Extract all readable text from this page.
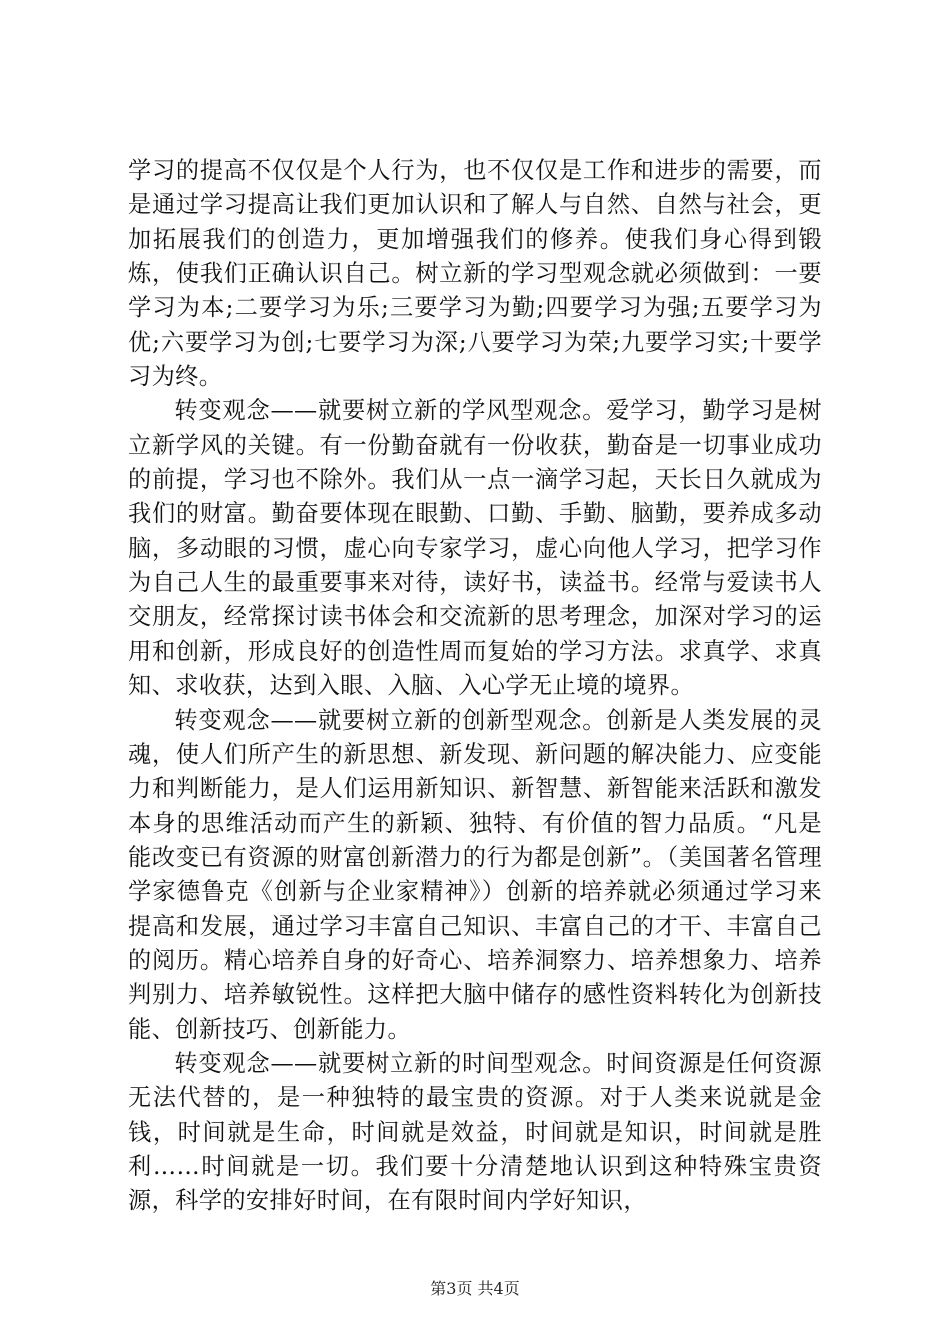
学习的提高不仅仅是个人行为，也不仅仅是工作和进步的需要，而是通过学习提高让我们更加认识和了解人与自然、自然与社会，更加拓展我们的创造力，更加增强我们的修养。使我们身心得到锻炼，使我们正确认识自己。树立新的学习型观念就必须做到：一要学习为本;二要学习为乐;三要学习为勤;四要学习为强;五要学习为优;六要学习为创;七要学习为深;八要学习为荣;九要学习实;十要学习为终。

转变观念——就要树立新的学风型观念。爱学习，勤学习是树立新学风的关键。有一份勤奋就有一份收获，勤奋是一切事业成功的前提，学习也不除外。我们从一点一滴学习起，天长日久就成为我们的财富。勤奋要体现在眼勤、口勤、手勤、脑勤，要养成多动脑，多动眼的习惯，虚心向专家学习，虚心向他人学习，把学习作为自己人生的最重要事来对待，读好书，读益书。经常与爱读书人交朋友，经常探讨读书体会和交流新的思考理念，加深对学习的运用和创新，形成良好的创造性周而复始的学习方法。求真学、求真知、求收获，达到入眼、入脑、入心学无止境的境界。

转变观念——就要树立新的创新型观念。创新是人类发展的灵魂，使人们所产生的新思想、新发现、新问题的解决能力、应变能力和判断能力，是人们运用新知识、新智慧、新智能来活跃和激发本身的思维活动而产生的新颖、独特、有价值的智力品质。“凡是能改变已有资源的财富创新潜力的行为都是创新”。（美国著名管理学家德鲁克《创新与企业家精神》）创新的培养就必须通过学习来提高和发展，通过学习丰富自己知识、丰富自己的才干、丰富自己的阅历。精心培养自身的好奇心、培养洞察力、培养想象力、培养判别力、培养敏锐性。这样把大脑中储存的感性资料转化为创新技能、创新技巧、创新能力。

转变观念——就要树立新的时间型观念。时间资源是任何资源无法代替的，是一种独特的最宝贵的资源。对于人类来说就是金钱，时间就是生命，时间就是效益，时间就是知识，时间就是胜利……时间就是一切。我们要十分清楚地认识到这种特殊宝贵资源，科学的安排好时间，在有限时间内学好知识，

第3页 共4页
